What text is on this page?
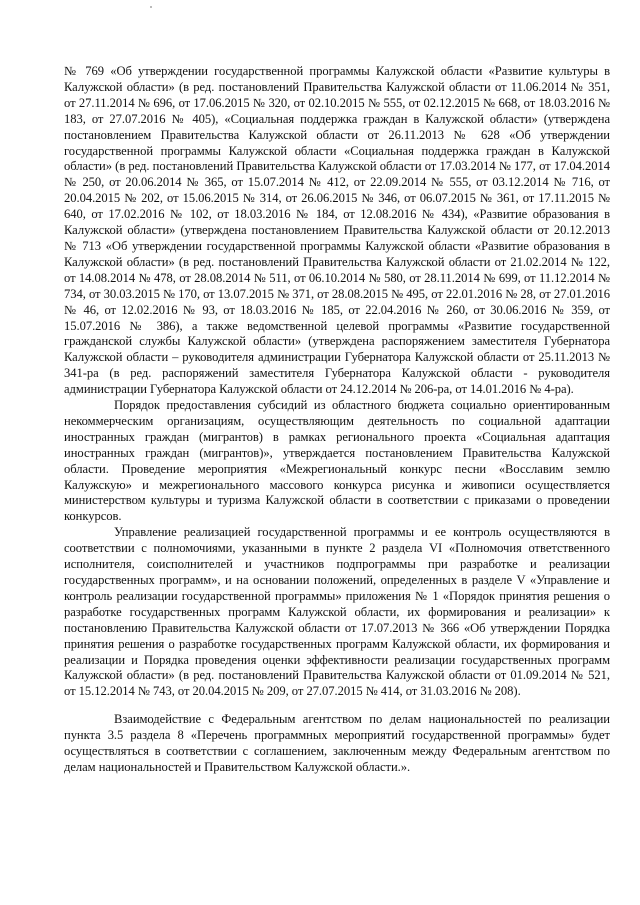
№ 769 «Об утверждении государственной программы Калужской области «Развитие культуры в Калужской области» (в ред. постановлений Правительства Калужской области от 11.06.2014 № 351, от 27.11.2014 № 696, от 17.06.2015 № 320, от 02.10.2015 № 555, от 02.12.2015 № 668, от 18.03.2016 № 183, от 27.07.2016 № 405), «Социальная поддержка граждан в Калужской области» (утверждена постановлением Правительства Калужской области от 26.11.2013 № 628 «Об утверждении государственной программы Калужской области «Социальная поддержка граждан в Калужской области» (в ред. постановлений Правительства Калужской области от 17.03.2014 № 177, от 17.04.2014 № 250, от 20.06.2014 № 365, от 15.07.2014 № 412, от 22.09.2014 № 555, от 03.12.2014 № 716, от 20.04.2015 № 202, от 15.06.2015 № 314, от 26.06.2015 № 346, от 06.07.2015 № 361, от 17.11.2015 № 640, от 17.02.2016 № 102, от 18.03.2016 № 184, от 12.08.2016 № 434), «Развитие образования в Калужской области» (утверждена постановлением Правительства Калужской области от 20.12.2013 № 713 «Об утверждении государственной программы Калужской области «Развитие образования в Калужской области» (в ред. постановлений Правительства Калужской области от 21.02.2014 № 122, от 14.08.2014 № 478, от 28.08.2014 № 511, от 06.10.2014 № 580, от 28.11.2014 № 699, от 11.12.2014 № 734, от 30.03.2015 № 170, от 13.07.2015 № 371, от 28.08.2015 № 495, от 22.01.2016 № 28, от 27.01.2016 № 46, от 12.02.2016 № 93, от 18.03.2016 № 185, от 22.04.2016 № 260, от 30.06.2016 № 359, от 15.07.2016 № 386), а также ведомственной целевой программы «Развитие государственной гражданской службы Калужской области» (утверждена распоряжением заместителя Губернатора Калужской области – руководителя администрации Губернатора Калужской области от 25.11.2013 № 341-ра (в ред. распоряжений заместителя Губернатора Калужской области - руководителя администрации Губернатора Калужской области от 24.12.2014 № 206-ра, от 14.01.2016 № 4-ра).

Порядок предоставления субсидий из областного бюджета социально ориентированным некоммерческим организациям, осуществляющим деятельность по социальной адаптации иностранных граждан (мигрантов) в рамках регионального проекта «Социальная адаптация иностранных граждан (мигрантов)», утверждается постановлением Правительства Калужской области. Проведение мероприятия «Межрегиональный конкурс песни «Восславим землю Калужскую» и межрегионального массового конкурса рисунка и живописи осуществляется министерством культуры и туризма Калужской области в соответствии с приказами о проведении конкурсов.

Управление реализацией государственной программы и ее контроль осуществляются в соответствии с полномочиями, указанными в пункте 2 раздела VI «Полномочия ответственного исполнителя, соисполнителей и участников подпрограммы при разработке и реализации государственных программ», и на основании положений, определенных в разделе V «Управление и контроль реализации государственной программы» приложения № 1 «Порядок принятия решения о разработке государственных программ Калужской области, их формирования и реализации» к постановлению Правительства Калужской области от 17.07.2013 № 366 «Об утверждении Порядка принятия решения о разработке государственных программ Калужской области, их формирования и реализации и Порядка проведения оценки эффективности реализации государственных программ Калужской области» (в ред. постановлений Правительства Калужской области от 01.09.2014 № 521, от 15.12.2014 № 743, от 20.04.2015 № 209, от 27.07.2015 № 414, от 31.03.2016 № 208).

Взаимодействие с Федеральным агентством по делам национальностей по реализации пункта 3.5 раздела 8 «Перечень программных мероприятий государственной программы» будет осуществляться в соответствии с соглашением, заключенным между Федеральным агентством по делам национальностей и Правительством Калужской области.».
